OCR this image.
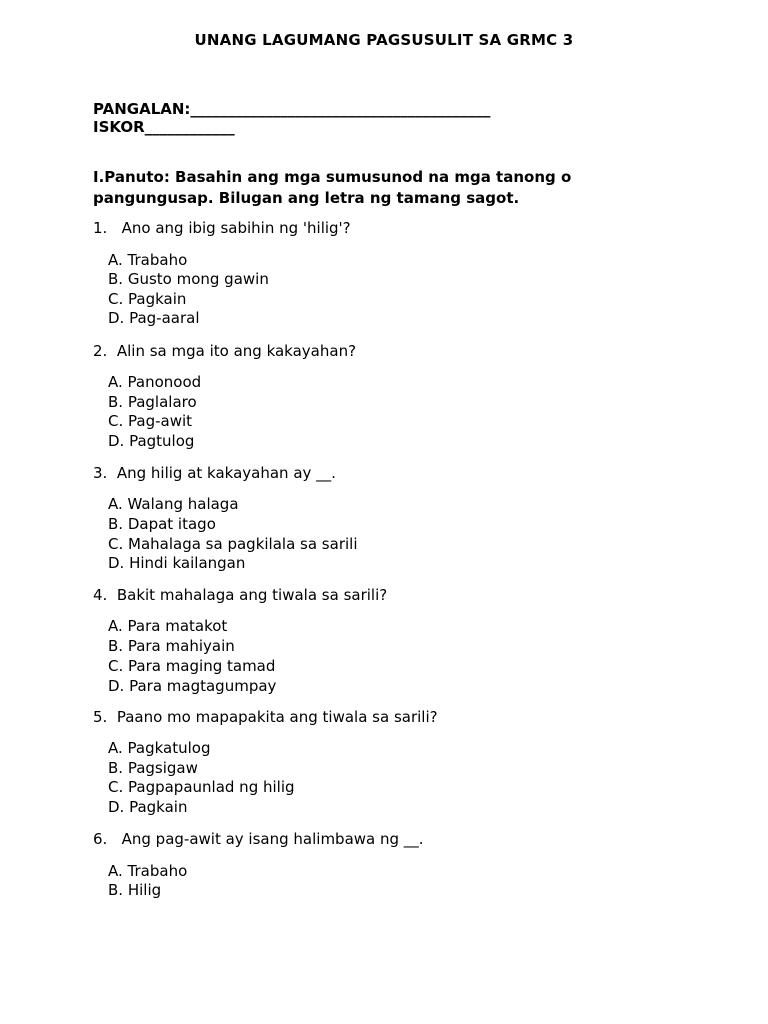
UNANG LAGUMANG PAGSUSULIT SA GRMC 3
PANGALAN:________________________________________
ISKOR____________
I.Panuto: Basahin ang mga sumusunod na mga tanong o pangungusap. Bilugan ang letra ng tamang sagot.
1.   Ano ang ibig sabihin ng 'hilig'?
A. Trabaho
B. Gusto mong gawin
C. Pagkain
D. Pag-aaral
2.  Alin sa mga ito ang kakayahan?
A. Panonood
B. Paglalaro
C. Pag-awit
D. Pagtulog
3.  Ang hilig at kakayahan ay __.
A. Walang halaga
B. Dapat itago
C. Mahalaga sa pagkilala sa sarili
D. Hindi kailangan
4.  Bakit mahalaga ang tiwala sa sarili?
A. Para matakot
B. Para mahiyain
C. Para maging tamad
D. Para magtagumpay
5.  Paano mo mapapakita ang tiwala sa sarili?
A. Pagkatulog
B. Pagsigaw
C. Pagpapaunlad ng hilig
D. Pagkain
6.   Ang pag-awit ay isang halimbawa ng __.
A. Trabaho
B. Hilig
